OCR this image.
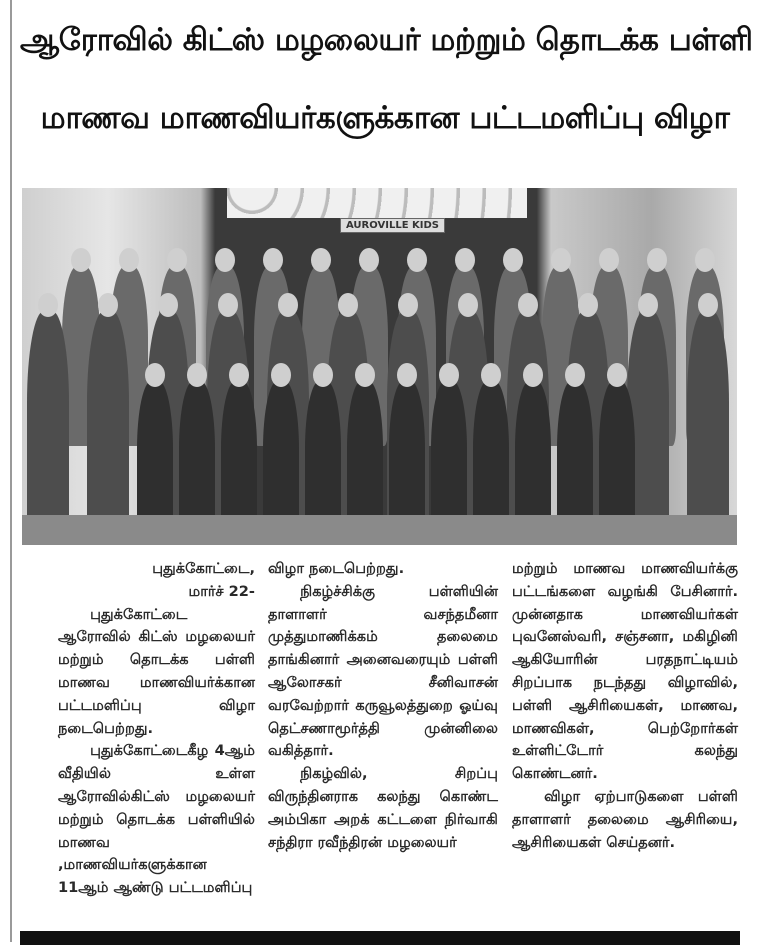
ஆரோவில் கிட்ஸ் மழலையர் மற்றும் தொடக்க பள்ளி
மாணவ மாணவியர்களுக்கான பட்டமளிப்பு விழா
AUROVILLE KIDS

புதுக்கோட்டை,

மார்ச் 22-

புதுக்கோட்டை ஆரோவில் கிட்ஸ் மழலையர் மற்றும் தொடக்க பள்ளி மாணவ மாணவியர்க்கான பட்டமளிப்பு விழா நடைபெற்றது.

புதுக்கோட்டைகீழ 4ஆம் வீதியில் உள்ள ஆரோவில்கிட்ஸ் மழலையர் மற்றும் தொடக்க பள்ளியில் மாணவ ,மாணவியர்களுக்கான 11ஆம் ஆண்டு பட்டமளிப்பு

விழா நடைபெற்றது.

நிகழ்ச்சிக்கு பள்ளியின் தாளாளர் வசந்தமீனா முத்துமாணிக்கம் தலைமை தாங்கினார் அனைவரையும் பள்ளி ஆலோசகர் சீனிவாசன் வரவேற்றார் கருவூலத்துறை ஓய்வு தெட்சணாமூர்த்தி முன்னிலை வகித்தார்.

நிகழ்வில், சிறப்பு விருந்தினராக கலந்து கொண்ட அம்பிகா அறக் கட்டளை நிர்வாகி சந்திரா ரவீந்திரன் மழலையர்

மற்றும் மாணவ மாணவியர்க்கு பட்டங்களை வழங்கி பேசினார். முன்னதாக மாணவியர்கள் புவனேஸ்வரி, சஞ்சனா, மகிழினி ஆகியோரின் பரதநாட்டியம் சிறப்பாக நடந்தது விழாவில், பள்ளி ஆசிரியைகள், மாணவ, மாணவிகள், பெற்றோர்கள் உள்ளிட்டோர் கலந்து கொண்டனர்.

விழா ஏற்பாடுகளை பள்ளி தாளாளர் தலைமை ஆசிரியை, ஆசிரியைகள் செய்தனர்.
